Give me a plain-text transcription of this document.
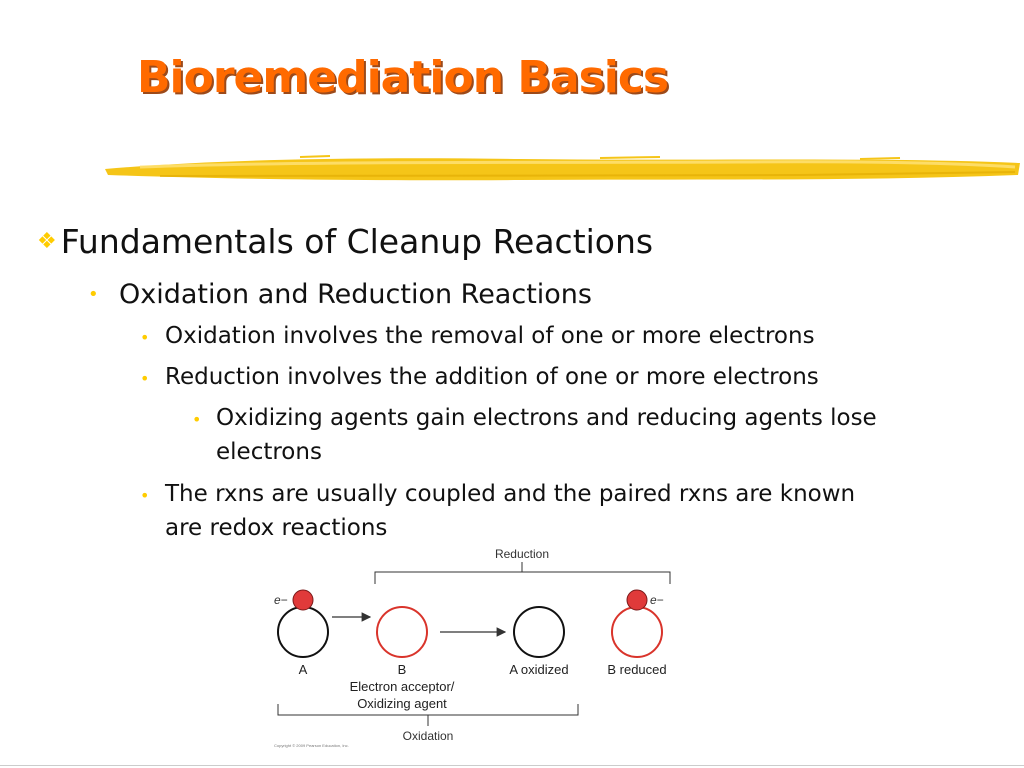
Bioremediation Basics
❖ Fundamentals of Cleanup Reactions
• Oxidation and Reduction Reactions
• Oxidation involves the removal of one or more electrons
• Reduction involves the addition of one or more electrons
• Oxidizing agents gain electrons and reducing agents lose
electrons
• The rxns are usually coupled and the paired rxns are known
are redox reactions
Reduction
e−
A	B	A oxidized
e−
B reduced
Electron acceptor/
Oxidizing agent
Oxidation
Copyright © 2009 Pearson Education, Inc.
